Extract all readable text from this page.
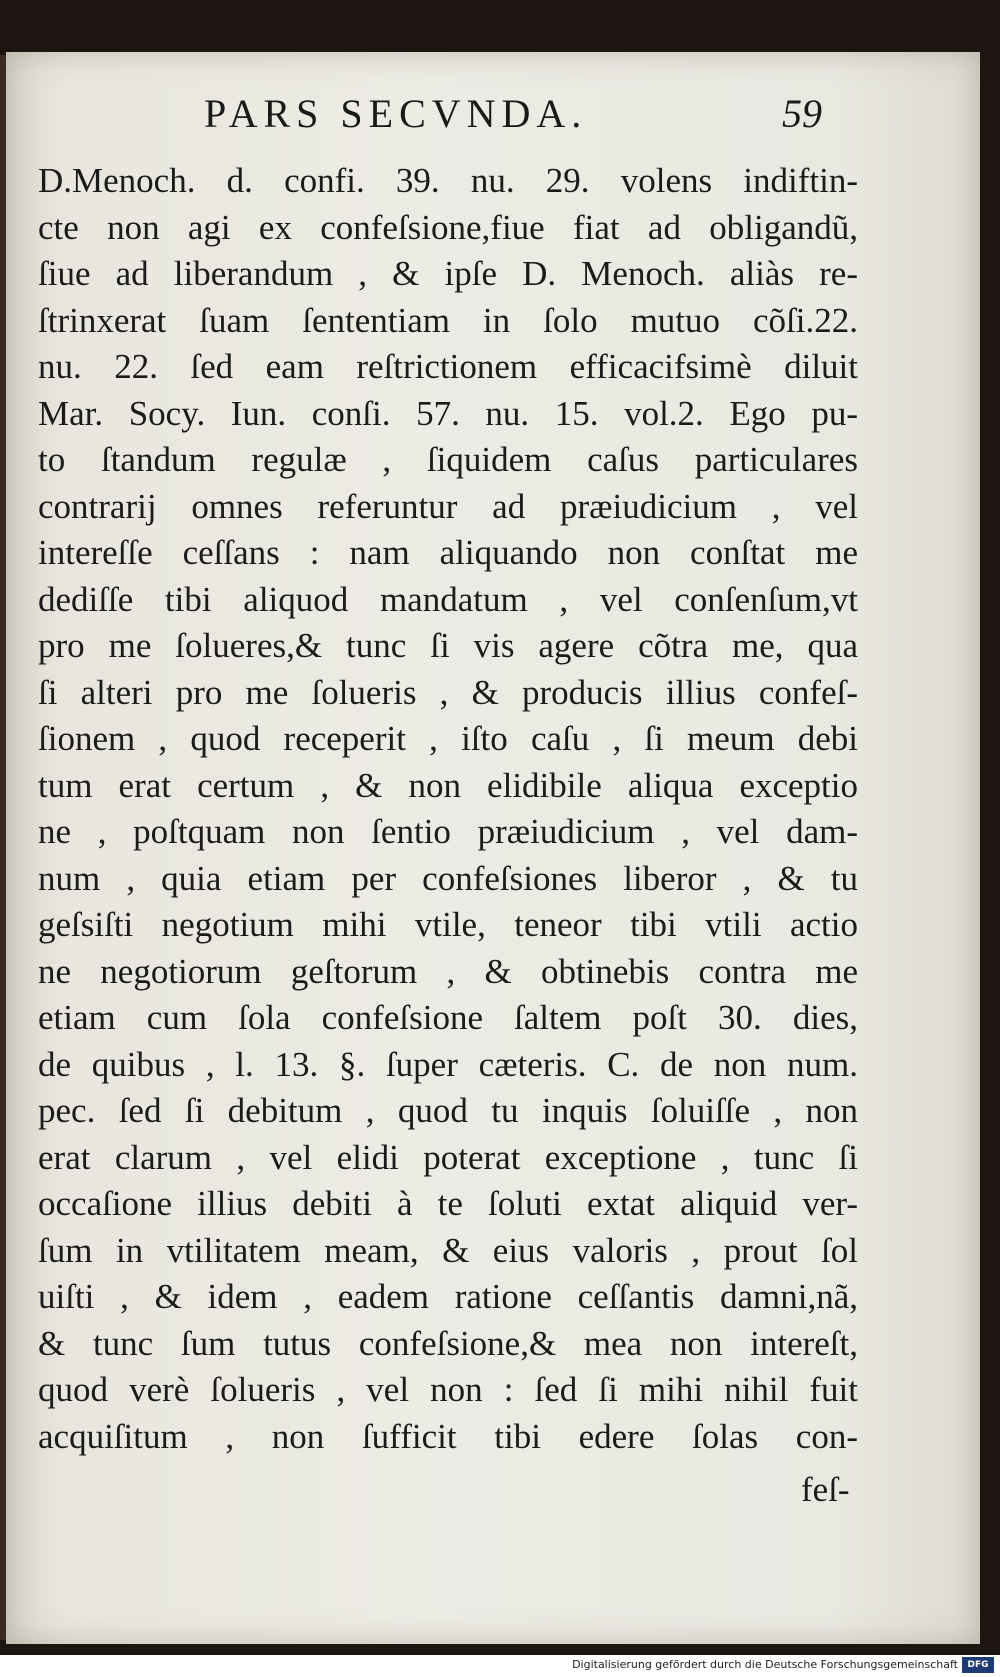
PARS SECVNDA.	59
D.Menoch. d. confi. 39. nu. 29. volens indiftin-
cte non agi ex confeſsione,fiue fiat ad obligandũ,
ſiue ad liberandum , & ipſe D. Menoch. aliàs re-
ſtrinxerat ſuam ſententiam in ſolo mutuo cõſi.22.
nu. 22. ſed eam reſtrictionem efficacifsimè diluit
Mar. Socy. Iun. conſi. 57. nu. 15. vol.2. Ego pu-
to ſtandum regulæ , ſiquidem caſus particulares
contrarij omnes referuntur ad præiudicium , vel
intereſſe ceſſans : nam aliquando non conſtat me
dediſſe tibi aliquod mandatum , vel conſenſum,vt
pro me ſolueres,& tunc ſi vis agere cõtra me, qua
ſi alteri pro me ſolueris , & producis illius confeſ-
ſionem , quod receperit , iſto caſu , ſi meum debi
tum erat certum , & non elidibile aliqua exceptio
ne , poſtquam non ſentio præiudicium , vel dam-
num , quia etiam per confeſsiones liberor , & tu
geſsiſti negotium mihi vtile, teneor tibi vtili actio
ne negotiorum geſtorum , & obtinebis contra me
etiam cum ſola confeſsione ſaltem poſt 30. dies,
de quibus , l. 13. §. ſuper cæteris. C. de non num.
pec. ſed ſi debitum , quod tu inquis ſoluiſſe , non
erat clarum , vel elidi poterat exceptione , tunc ſi
occaſione illius debiti à te ſoluti extat aliquid ver-
ſum in vtilitatem meam, & eius valoris , prout ſol
uiſti , & idem , eadem ratione ceſſantis damni,nã,
& tunc ſum tutus confeſsione,& mea non intereſt,
quod verè ſolueris , vel non : ſed ſi mihi nihil fuit
acquiſitum , non ſufficit tibi edere ſolas con-
feſ-
Digitalisierung gefördert durch die Deutsche Forschungsgemeinschaft	DFG
